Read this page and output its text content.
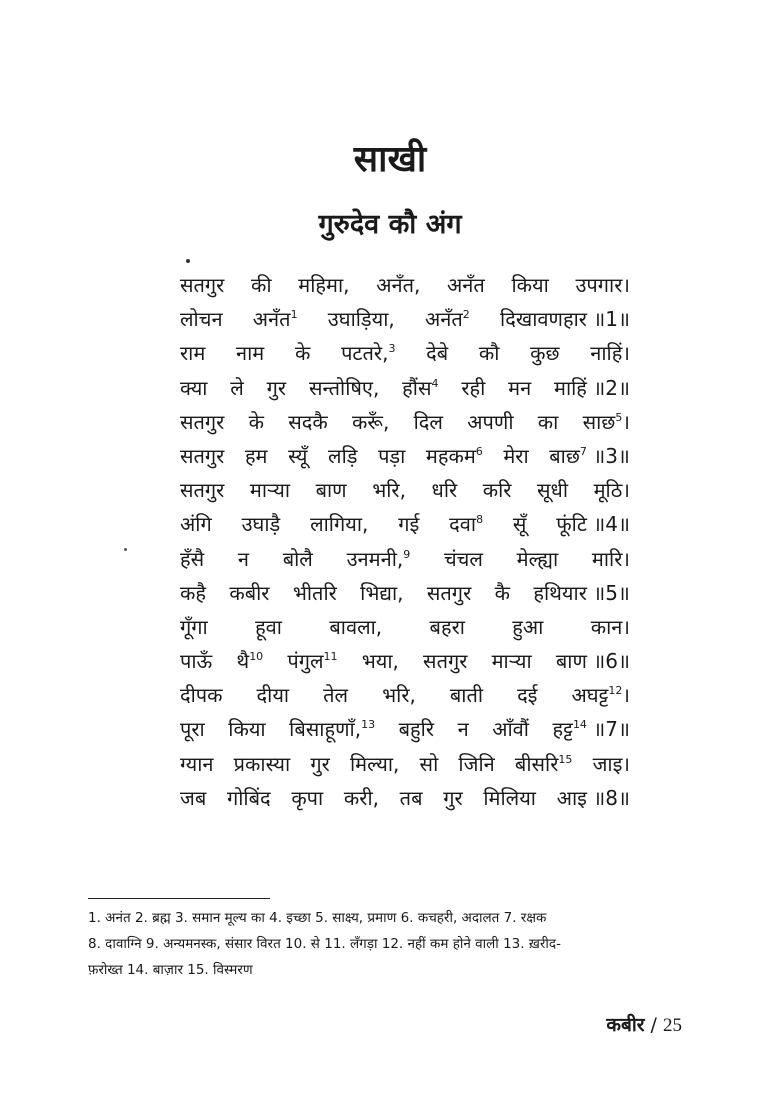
साखी
गुरुदेव कौ अंग
सतगुर की महिमा, अनँत, अनँत किया उपगार।
लोचन अनँत$^1$ उघाड़िया, अनँत$^2$ दिखावणहार ॥1॥
राम नाम के पटतरे,$^3$ देबे कौ कुछ नाहिं।
क्या ले गुर सन्तोषिए, हौंस$^4$ रही मन माहिं ॥2॥
सतगुर के सदकै करूँ, दिल अपणी का साछ$^5$।
सतगुर हम स्यूँ लड़ि पड़ा महकम$^6$ मेरा बाछ$^7$ ॥3॥
सतगुर मार्‍या बाण भरि, धरि करि सूधी मूठि।
अंगि उघाड़ै लागिया, गई दवा$^8$ सूँ फूंटि ॥4॥
हँसै न बोलै उनमनी,$^9$ चंचल मेल्ह्या मारि।
कहै कबीर भीतरि भिद्या, सतगुर कै हथियार ॥5॥
गूँगा हूवा बावला, बहरा हुआ कान।
पाऊँ थै$^{10}$ पंगुल$^{11}$ भया, सतगुर मार्‍या बाण ॥6॥
दीपक दीया तेल भरि, बाती दई अघट्ट$^{12}$।
पूरा किया बिसाहूणाँ,$^{13}$ बहुरि न आँवौं हट्ट$^{14}$ ॥7॥
ग्यान प्रकास्या गुर मिल्या, सो जिनि बीसरि$^{15}$ जाइ।
जब गोबिंद कृपा करी, तब गुर मिलिया आइ ॥8॥
1. अनंत 2. ब्रह्म 3. समान मूल्य का 4. इच्छा 5. साक्ष्य, प्रमाण 6. कचहरी, अदालत 7. रक्षक
8. दावाग्नि 9. अन्यमनस्क, संसार विरत 10. से 11. लँगड़ा 12. नहीं कम होने वाली 13. ख़रीद-
फ़रोख्त 14. बाज़ार 15. विस्मरण
कबीर / 25
